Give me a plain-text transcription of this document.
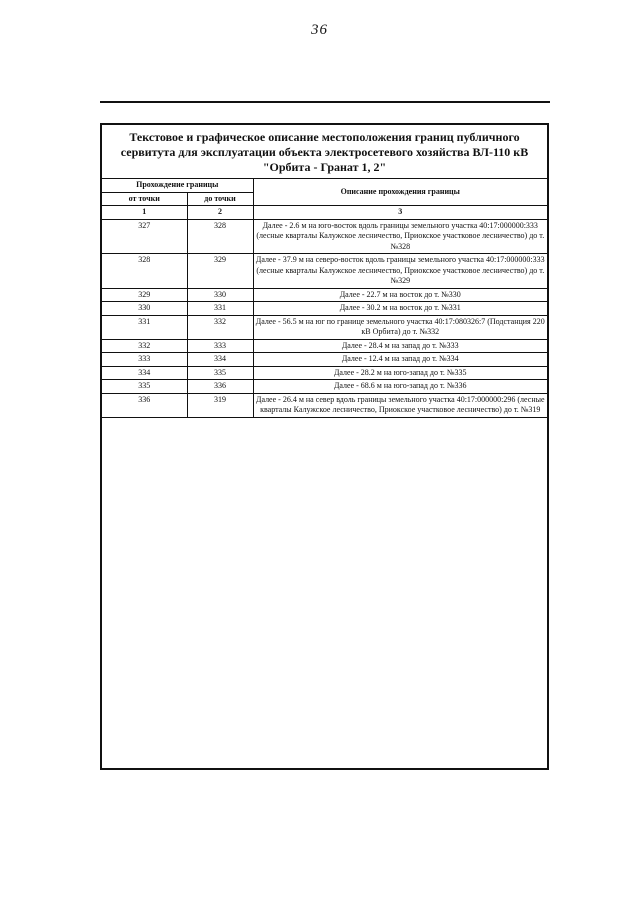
36
Текстовое и графическое описание местоположения границ публичного
сервитута для эксплуатации объекта электросетевого хозяйства ВЛ-110 кВ
"Орбита - Гранат 1, 2"
Прохождение границы		Описание прохождения границы
от точки	до точки	
1	2	3
327	328	Далее - 2.6 м на юго-восток вдоль границы земельного участка 40:17:000000:333 (лесные кварталы Калужское лесничество, Приокское участковое лесничество) до т. №328
328	329	Далее - 37.9 м на северо-восток вдоль границы земельного участка 40:17:000000:333 (лесные кварталы Калужское лесничество, Приокское участковое лесничество) до т. №329
329	330	Далее - 22.7 м на восток до т. №330
330	331	Далее - 30.2 м на восток до т. №331
331	332	Далее - 56.5 м на юг по границе земельного участка 40:17:080326:7 (Подстанция 220 кВ Орбита) до т. №332
332	333	Далее - 28.4 м на запад до т. №333
333	334	Далее - 12.4 м на запад до т. №334
334	335	Далее - 28.2 м на юго-запад до т. №335
335	336	Далее - 68.6 м на юго-запад до т. №336
336	319	Далее - 26.4 м на север вдоль границы земельного участка 40:17:000000:296 (лесные кварталы Калужское лесничество, Приокское участковое лесничество) до т. №319
